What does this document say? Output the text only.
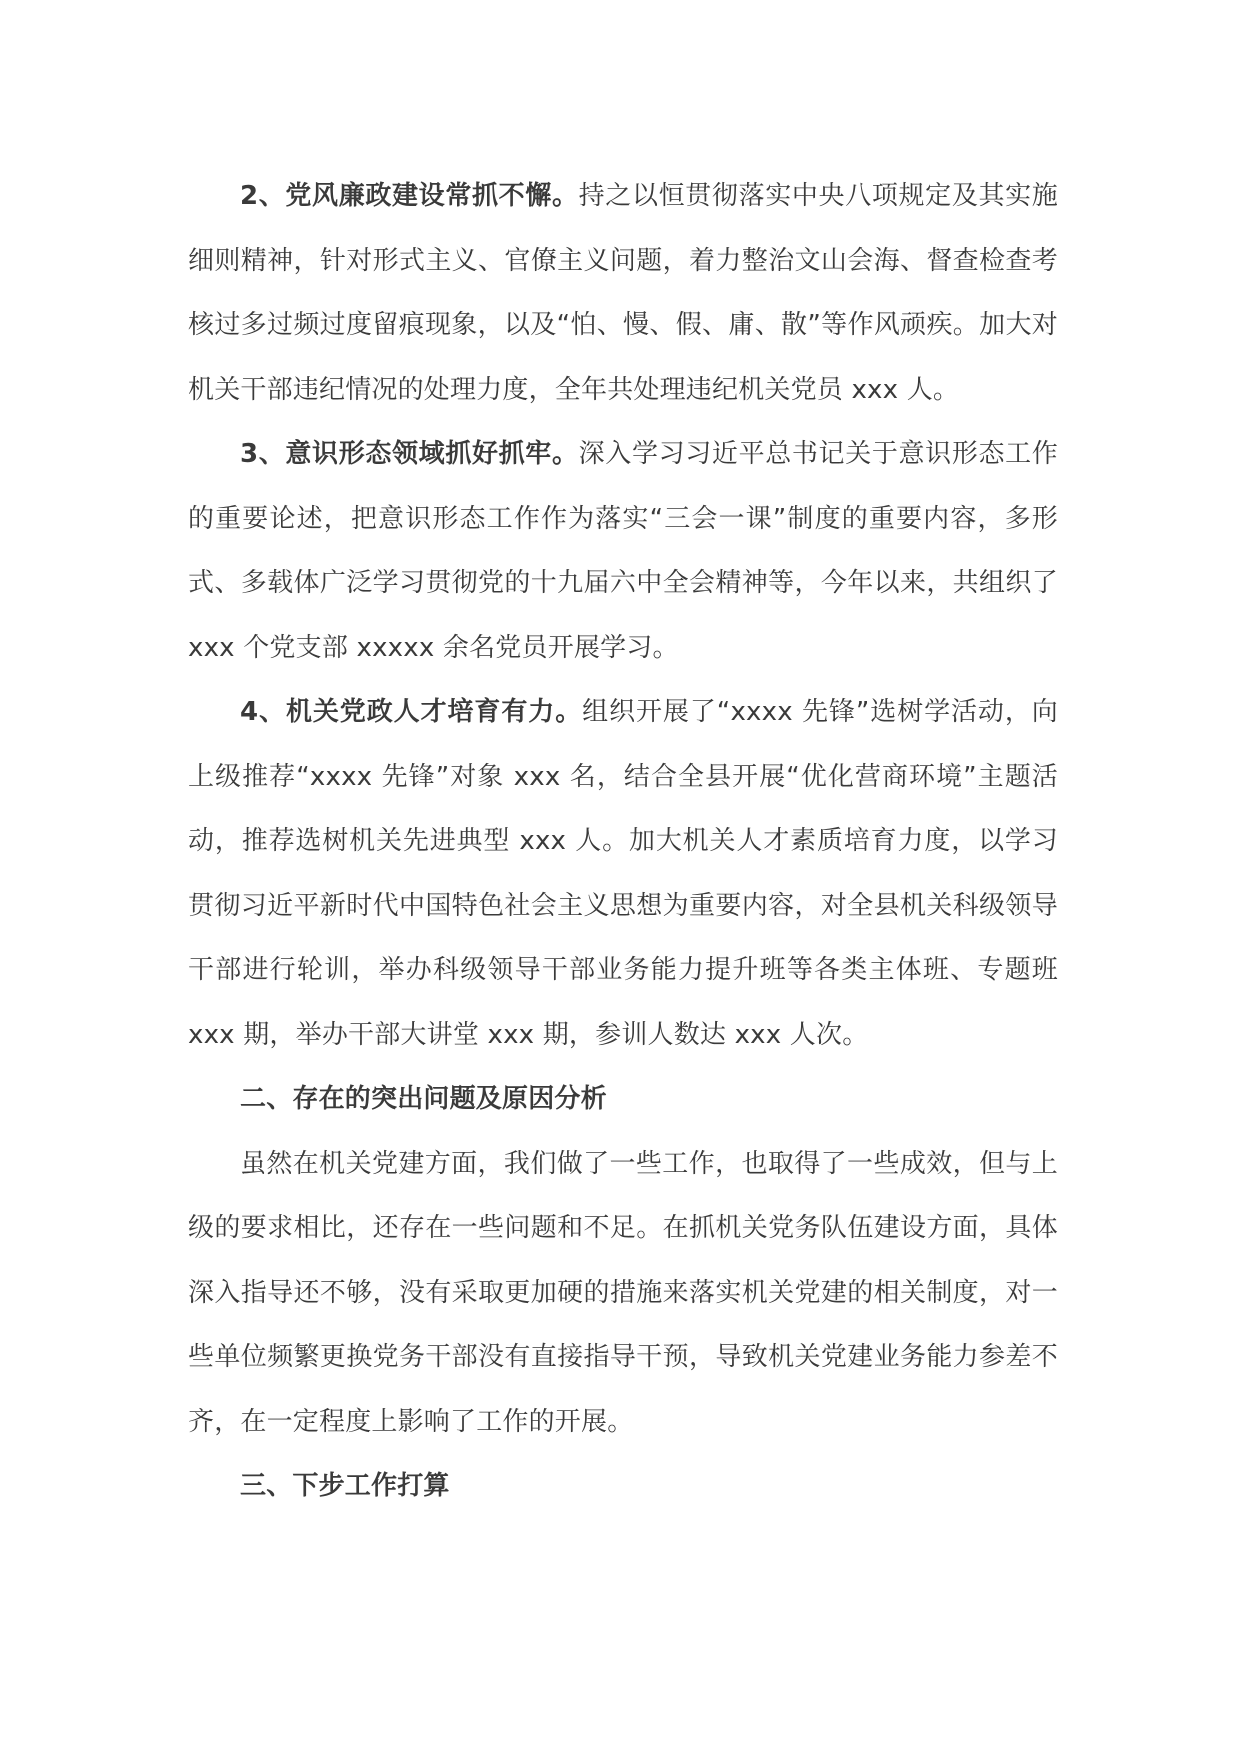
2、党风廉政建设常抓不懈。持之以恒贯彻落实中央八项规定及其实施细则精神，针对形式主义、官僚主义问题，着力整治文山会海、督查检查考核过多过频过度留痕现象，以及“怕、慢、假、庸、散”等作风顽疾。加大对机关干部违纪情况的处理力度，全年共处理违纪机关党员 xxx 人。

3、意识形态领域抓好抓牢。深入学习习近平总书记关于意识形态工作的重要论述，把意识形态工作作为落实“三会一课”制度的重要内容，多形式、多载体广泛学习贯彻党的十九届六中全会精神等，今年以来，共组织了 xxx 个党支部 xxxxx 余名党员开展学习。

4、机关党政人才培育有力。组织开展了“xxxx 先锋”选树学活动，向上级推荐“xxxx 先锋”对象 xxx 名，结合全县开展“优化营商环境”主题活动，推荐选树机关先进典型 xxx 人。加大机关人才素质培育力度，以学习贯彻习近平新时代中国特色社会主义思想为重要内容，对全县机关科级领导干部进行轮训，举办科级领导干部业务能力提升班等各类主体班、专题班 xxx 期，举办干部大讲堂 xxx 期，参训人数达 xxx 人次。

二、存在的突出问题及原因分析

虽然在机关党建方面，我们做了一些工作，也取得了一些成效，但与上级的要求相比，还存在一些问题和不足。在抓机关党务队伍建设方面，具体深入指导还不够，没有采取更加硬的措施来落实机关党建的相关制度，对一些单位频繁更换党务干部没有直接指导干预，导致机关党建业务能力参差不齐，在一定程度上影响了工作的开展。

三、下步工作打算
